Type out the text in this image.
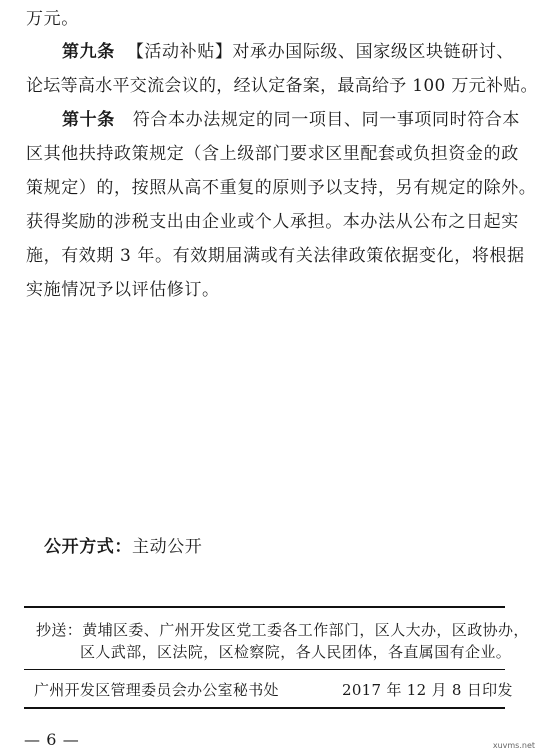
万元。
第九条 【活动补贴】对承办国际级、国家级区块链研讨、
论坛等高水平交流会议的，经认定备案，最高给予 100 万元补贴。
第十条 符合本办法规定的同一项目、同一事项同时符合本
区其他扶持政策规定（含上级部门要求区里配套或负担资金的政
策规定）的，按照从高不重复的原则予以支持，另有规定的除外。
获得奖励的涉税支出由企业或个人承担。本办法从公布之日起实
施，有效期 3 年。有效期届满或有关法律政策依据变化，将根据
实施情况予以评估修订。
公开方式：主动公开
抄送：黄埔区委、广州开发区党工委各工作部门，区人大办，区政协办，
区人武部，区法院，区检察院，各人民团体，各直属国有企业。
广州开发区管理委员会办公室秘书处	2017 年 12 月 8 日印发
— 6 —	xuvms.net
